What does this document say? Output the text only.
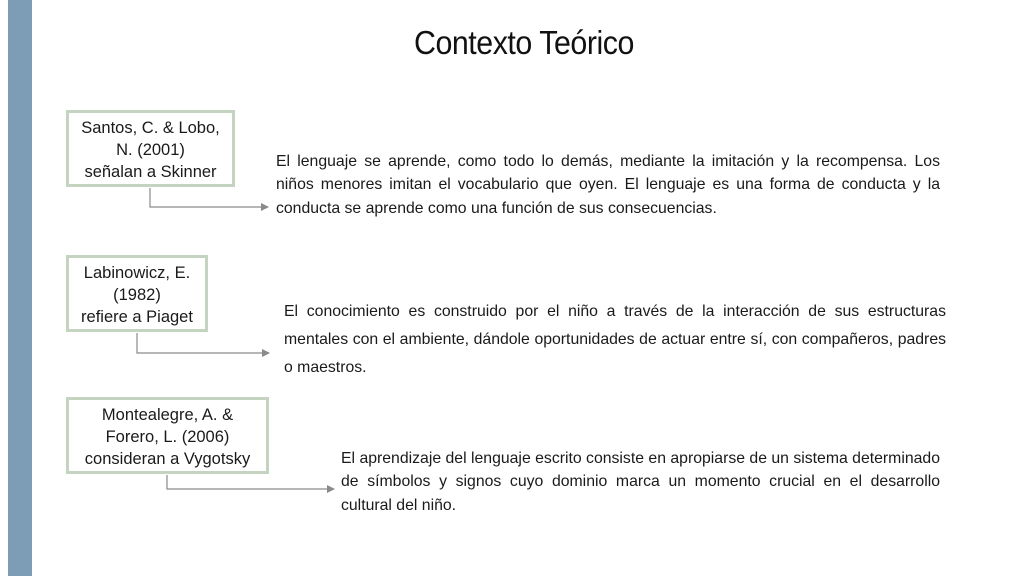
Contexto Teórico
Santos, C. & Lobo,
N. (2001)
señalan a Skinner

El lenguaje se aprende, como todo lo demás, mediante la imitación y la recompensa. Los niños menores imitan el vocabulario que oyen. El lenguaje es una forma de conducta y la conducta se aprende como una función de sus consecuencias.

Labinowicz, E.
(1982)
refiere a Piaget	El conocimiento es construido por el niño a través de la interacción de sus estructuras mentales con el ambiente, dándole oportunidades de actuar entre sí, con compañeros, padres o maestros.

Montealegre, A. &
Forero, L. (2006)
consideran a Vygotsky	El aprendizaje del lenguaje escrito consiste en apropiarse de un sistema determinado de símbolos y signos cuyo dominio marca un momento crucial en el desarrollo cultural del niño.
